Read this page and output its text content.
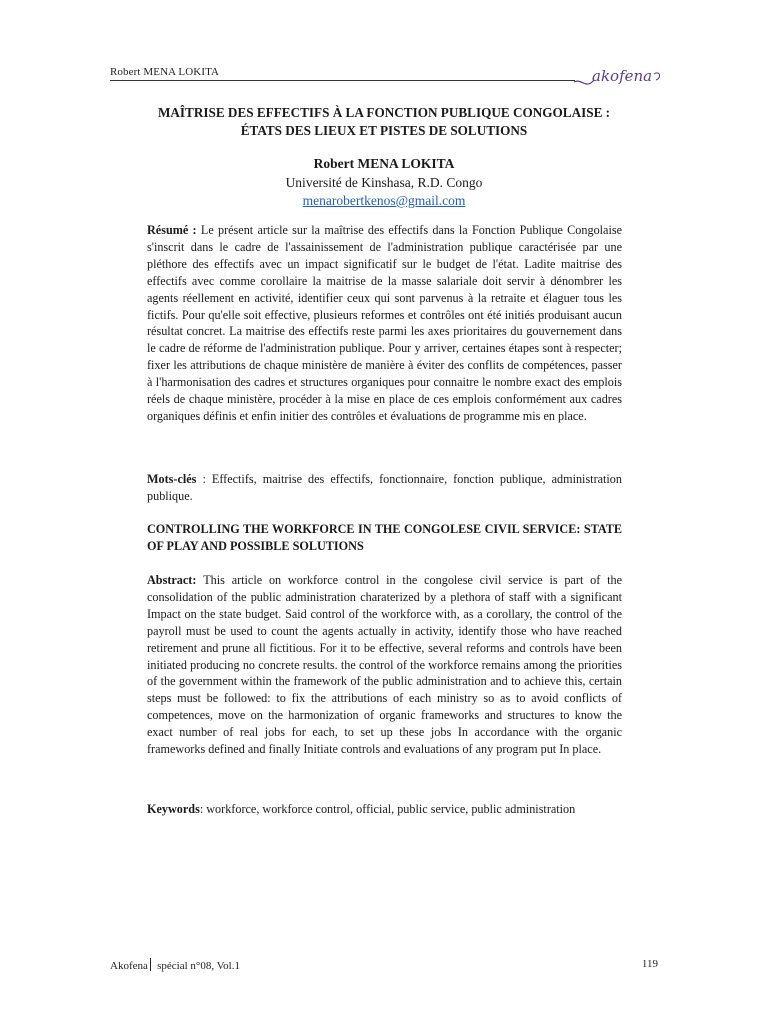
Robert MENA LOKITA	akofena
MAÎTRISE DES EFFECTIFS À LA FONCTION PUBLIQUE CONGOLAISE :
ÉTATS DES LIEUX ET PISTES DE SOLUTIONS
Robert MENA LOKITA
Université de Kinshasa, R.D. Congo
menarobertkenos@gmail.com
Résumé : Le présent article sur la maîtrise des effectifs dans la Fonction Publique Congolaise s'inscrit dans le cadre de l'assainissement de l'administration publique caractérisée par une pléthore des effectifs avec un impact significatif sur le budget de l'état. Ladite maitrise des effectifs avec comme corollaire la maitrise de la masse salariale doit servir à dénombrer les agents réellement en activité, identifier ceux qui sont parvenus à la retraite et élaguer tous les fictifs. Pour qu'elle soit effective, plusieurs reformes et contrôles ont été initiés produisant aucun résultat concret. La maitrise des effectifs reste parmi les axes prioritaires du gouvernement dans le cadre de réforme de l'administration publique. Pour y arriver, certaines étapes sont à respecter; fixer les attributions de chaque ministère de manière à éviter des conflits de compétences, passer à l'harmonisation des cadres et structures organiques pour connaitre le nombre exact des emplois réels de chaque ministère, procéder à la mise en place de ces emplois conformément aux cadres organiques définis et enfin initier des contrôles et évaluations de programme mis en place.
Mots-clés : Effectifs, maitrise des effectifs, fonctionnaire, fonction publique, administration publique.
CONTROLLING THE WORKFORCE IN THE CONGOLESE CIVIL SERVICE: STATE OF PLAY AND POSSIBLE SOLUTIONS
Abstract: This article on workforce control in the congolese civil service is part of the consolidation of the public administration charaterized by a plethora of staff with a significant Impact on the state budget. Said control of the workforce with, as a corollary, the control of the payroll must be used to count the agents actually in activity, identify those who have reached retirement and prune all fictitious. For it to be effective, several reforms and controls have been initiated producing no concrete results. the control of the workforce remains among the priorities of the government within the framework of the public administration and to achieve this, certain steps must be followed: to fix the attributions of each ministry so as to avoid conflicts of competences, move on the harmonization of organic frameworks and structures to know the exact number of real jobs for each, to set up these jobs In accordance with the organic frameworks defined and finally Initiate controls and evaluations of any program put In place.
Keywords: workforce, workforce control, official, public service, public administration
Akofena spécial n°08, Vol.1	119
